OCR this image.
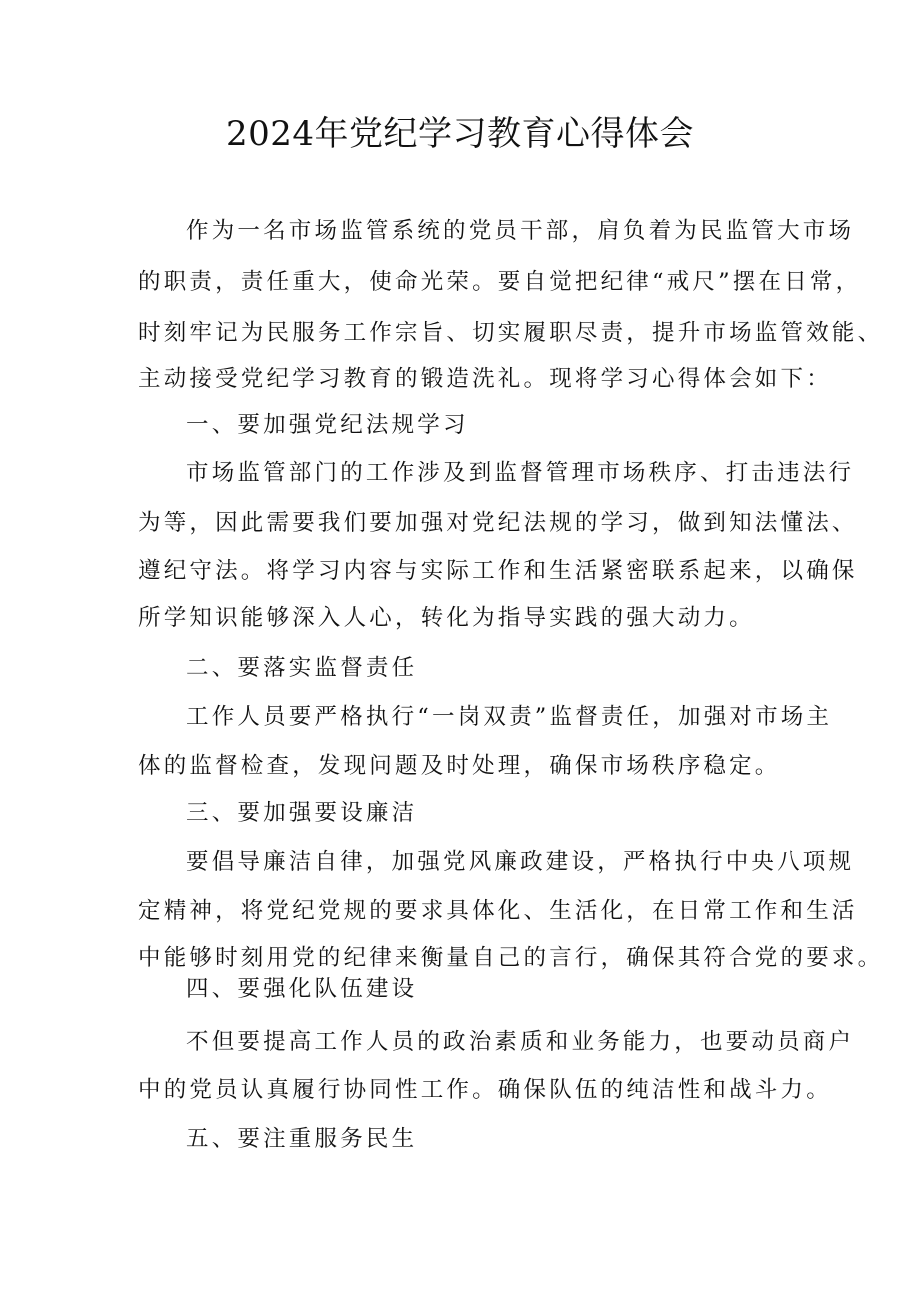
2024年党纪学习教育心得体会
作为一名市场监管系统的党员干部，肩负着为民监管大市场
的职责，责任重大，使命光荣。要自觉把纪律“戒尺”摆在日常，
时刻牢记为民服务工作宗旨、切实履职尽责，提升市场监管效能、
主动接受党纪学习教育的锻造洗礼。现将学习心得体会如下：
一、要加强党纪法规学习
市场监管部门的工作涉及到监督管理市场秩序、打击违法行
为等，因此需要我们要加强对党纪法规的学习，做到知法懂法、
遵纪守法。将学习内容与实际工作和生活紧密联系起来，以确保
所学知识能够深入人心，转化为指导实践的强大动力。
二、要落实监督责任
工作人员要严格执行“一岗双责”监督责任，加强对市场主
体的监督检查，发现问题及时处理，确保市场秩序稳定。
三、要加强要设廉洁
要倡导廉洁自律，加强党风廉政建设，严格执行中央八项规
定精神，将党纪党规的要求具体化、生活化，在日常工作和生活
中能够时刻用党的纪律来衡量自己的言行，确保其符合党的要求。
四、要强化队伍建设
不但要提高工作人员的政治素质和业务能力，也要动员商户
中的党员认真履行协同性工作。确保队伍的纯洁性和战斗力。
五、要注重服务民生
